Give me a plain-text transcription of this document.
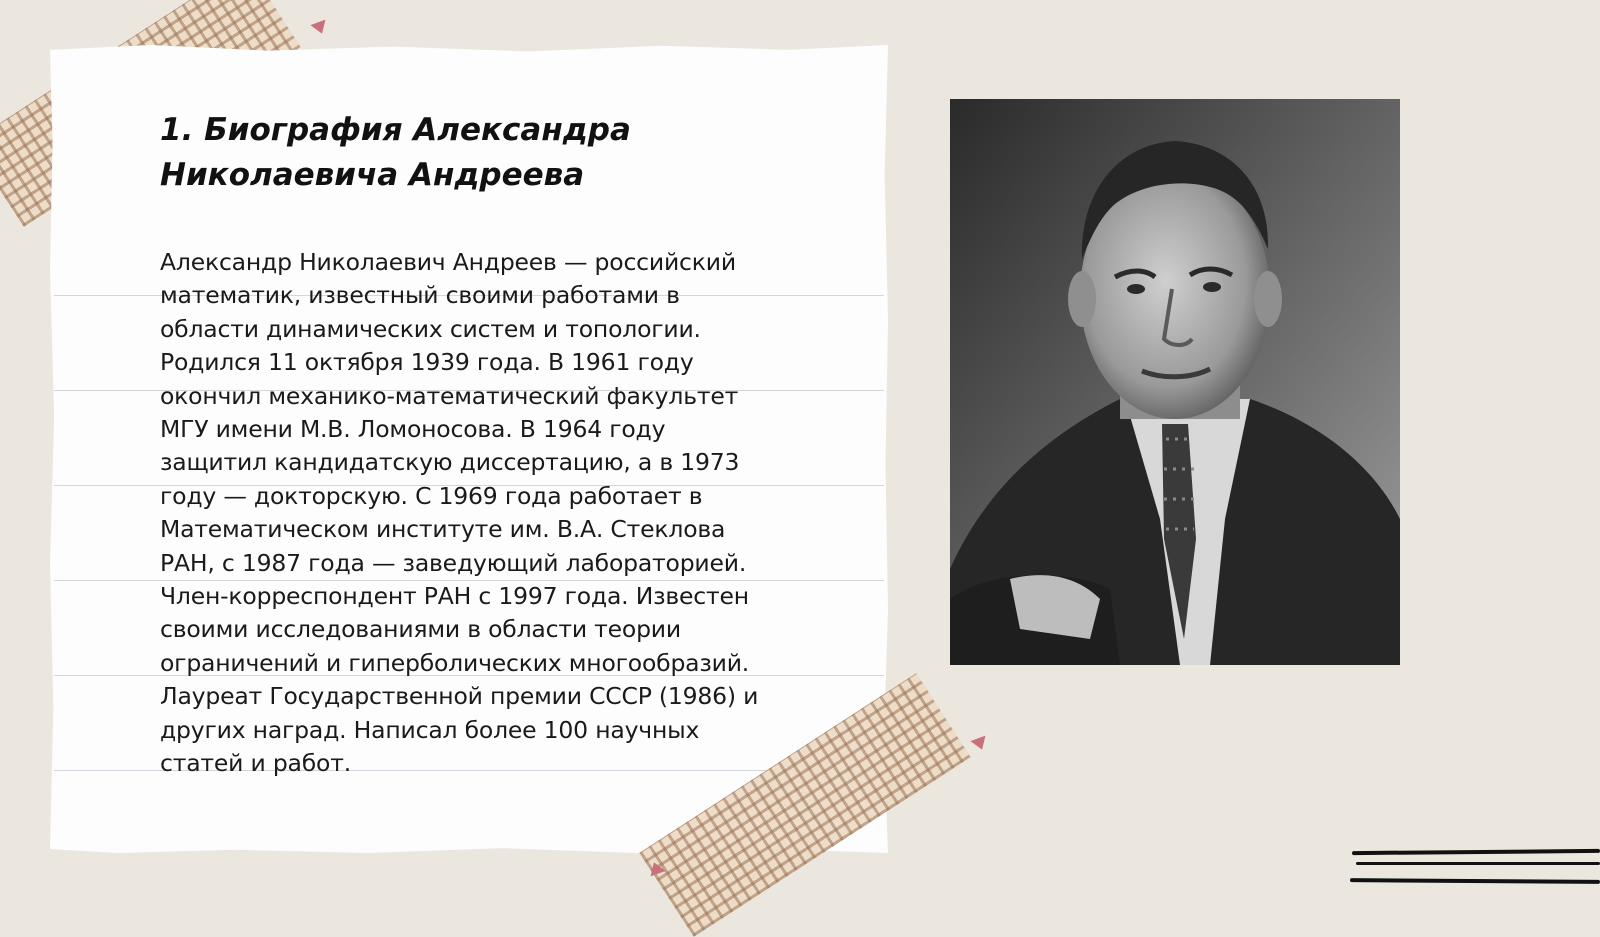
1. Биография Александра
Николаевича Андреева
Александр Николаевич Андреев — российский
математик, известный своими работами в
области динамических систем и топологии.
Родился 11 октября 1939 года. В 1961 году
окончил механико-математический факультет
МГУ имени М.В. Ломоносова. В 1964 году
защитил кандидатскую диссертацию, а в 1973
году — докторскую. С 1969 года работает в
Математическом институте им. В.А. Стеклова
РАН, с 1987 года — заведующий лабораторией.
Член-корреспондент РАН с 1997 года. Известен
своими исследованиями в области теории
ограничений и гиперболических многообразий.
Лауреат Государственной премии СССР (1986) и
других наград. Написал более 100 научных
статей и работ.
